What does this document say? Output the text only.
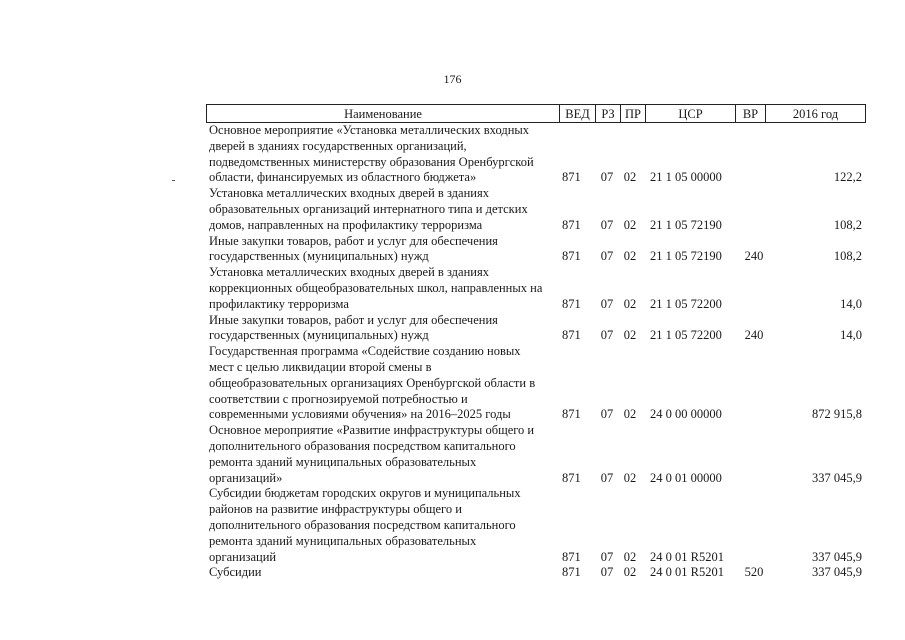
176
Наименование	ВЕД РЗ ПР	ЦСР	ВР	2016 год
Основное мероприятие «Установка металлических входных
дверей в зданиях государственных организаций,
подведомственных министерству образования Оренбургской
области, финансируемых из областного бюджета»	871	07 02	21 1 05 00000	122,2
Установка металлических входных дверей в зданиях
образовательных организаций интернатного типа и детских
домов, направленных на профилактику терроризма	871	07 02	21 1 05 72190	108,2
Иные закупки товаров, работ и услуг для обеспечения
государственных (муниципальных) нужд	871	07 02	21 1 05 72190	240	108,2
Установка металлических входных дверей в зданиях
коррекционных общеобразовательных школ, направленных на
профилактику терроризма	871	07 02	21 1 05 72200	14,0
Иные закупки товаров, работ и услуг для обеспечения
государственных (муниципальных) нужд	871	07 02	21 1 05 72200	240	14,0
Государственная программа «Содействие созданию новых
мест с целью ликвидации второй смены в
общеобразовательных организациях Оренбургской области в
соответствии с прогнозируемой потребностью и
современными условиями обучения» на 2016–2025 годы	871	07 02	24 0 00 00000	872 915,8
Основное мероприятие «Развитие инфраструктуры общего и
дополнительного образования посредством капитального
ремонта зданий муниципальных образовательных
организаций»	871	07 02	24 0 01 00000	337 045,9
Субсидии бюджетам городских округов и муниципальных
районов на развитие инфраструктуры общего и
дополнительного образования посредством капитального
ремонта зданий муниципальных образовательных
организаций	871	07 02	24 0 01 R5201	337 045,9
Субсидии	871	07 02	24 0 01 R5201	520	337 045,9
